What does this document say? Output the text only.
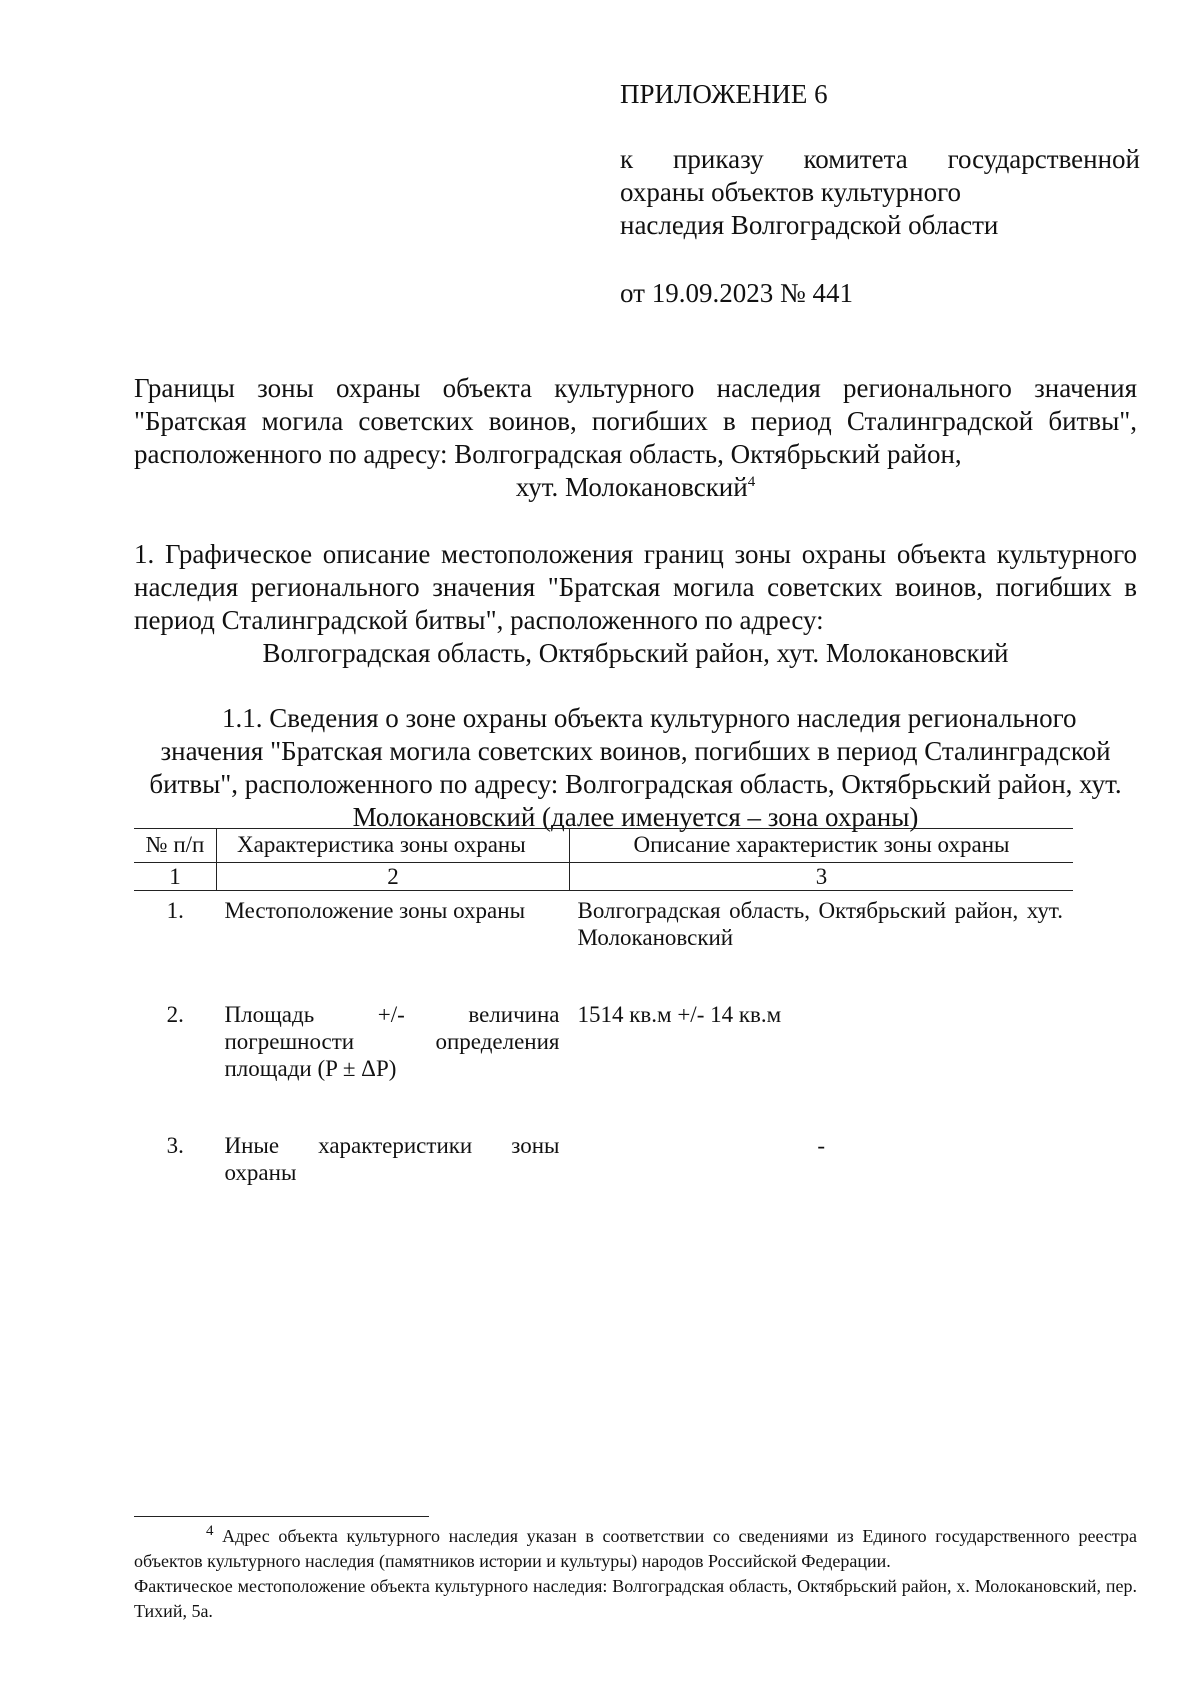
ПРИЛОЖЕНИЕ 6
к приказу комитета государственной
охраны объектов культурного
наследия Волгоградской области
от 19.09.2023 № 441
Границы зоны охраны объекта культурного наследия регионального значения "Братская могила советских воинов, погибших в период Сталинградской битвы", расположенного по адресу: Волгоградская область, Октябрьский район,
хут. Молокановский$^4$
1. Графическое описание местоположения границ зоны охраны объекта культурного наследия регионального значения "Братская могила советских воинов, погибших в период Сталинградской битвы", расположенного по адресу:
Волгоградская область, Октябрьский район, хут. Молокановский
1.1. Сведения о зоне охраны объекта культурного наследия регионального
значения "Братская могила советских воинов, погибших в период Сталинградской битвы", расположенного по адресу: Волгоградская область, Октябрьский район, хут. Молокановский (далее именуется – зона охраны)
№ п/п	Характеристика зоны охраны	Описание характеристик зоны охраны
1	2	3
1.	Местоположение зоны охраны	Волгоградская область, Октябрьский район, хут. Молокановский

2.	Площадь +/- величина погрешности определения площади (P ± ΔP)	1514 кв.м +/- 14 кв.м

3.	Иные характеристики зоны охраны	-
$^4$ Адрес объекта культурного наследия указан в соответствии со сведениями из Единого государственного реестра объектов культурного наследия (памятников истории и культуры) народов Российской Федерации.
Фактическое местоположение объекта культурного наследия: Волгоградская область, Октябрьский район, х. Молокановский, пер. Тихий, 5а.
